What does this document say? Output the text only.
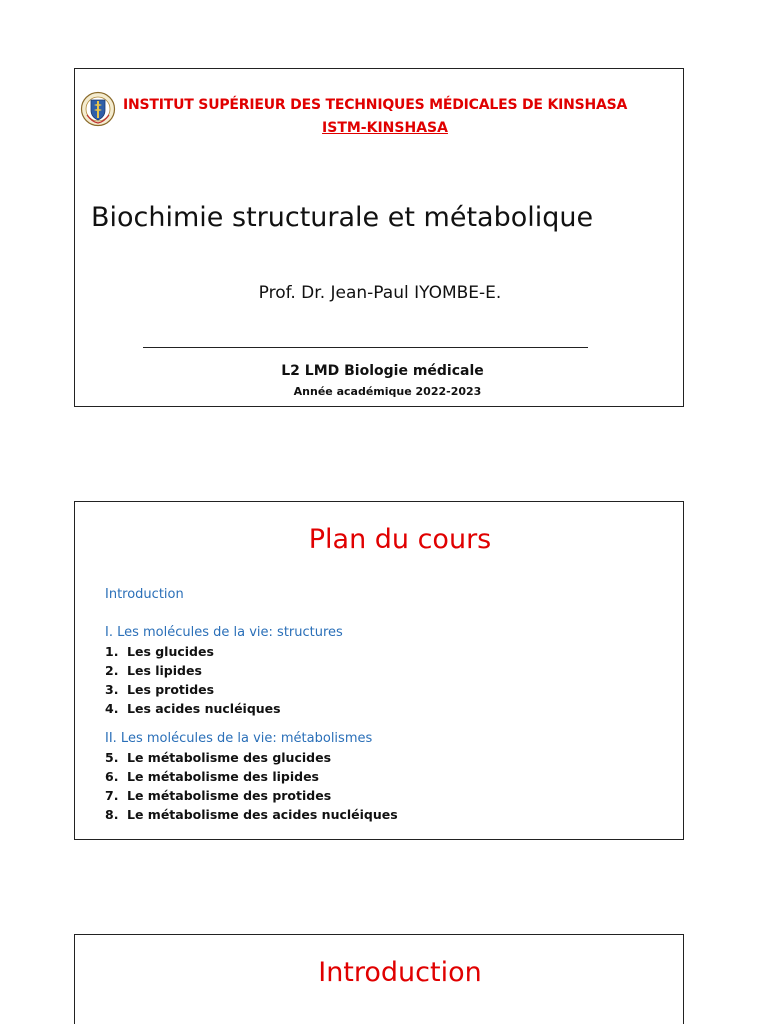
INSTITUT SUPÉRIEUR DES TECHNIQUES MÉDICALES DE KINSHASA
ISTM-KINSHASA
Biochimie structurale et métabolique
Prof. Dr. Jean-Paul IYOMBE-E.
L2 LMD Biologie médicale
Année académique 2022-2023
Plan du cours
Introduction
I. Les molécules de la vie: structures
1. Les glucides
2. Les lipides
3. Les protides
4. Les acides nucléiques
II. Les molécules de la vie: métabolismes
5. Le métabolisme des glucides
6. Le métabolisme des lipides
7. Le métabolisme des protides
8. Le métabolisme des acides nucléiques
Introduction
